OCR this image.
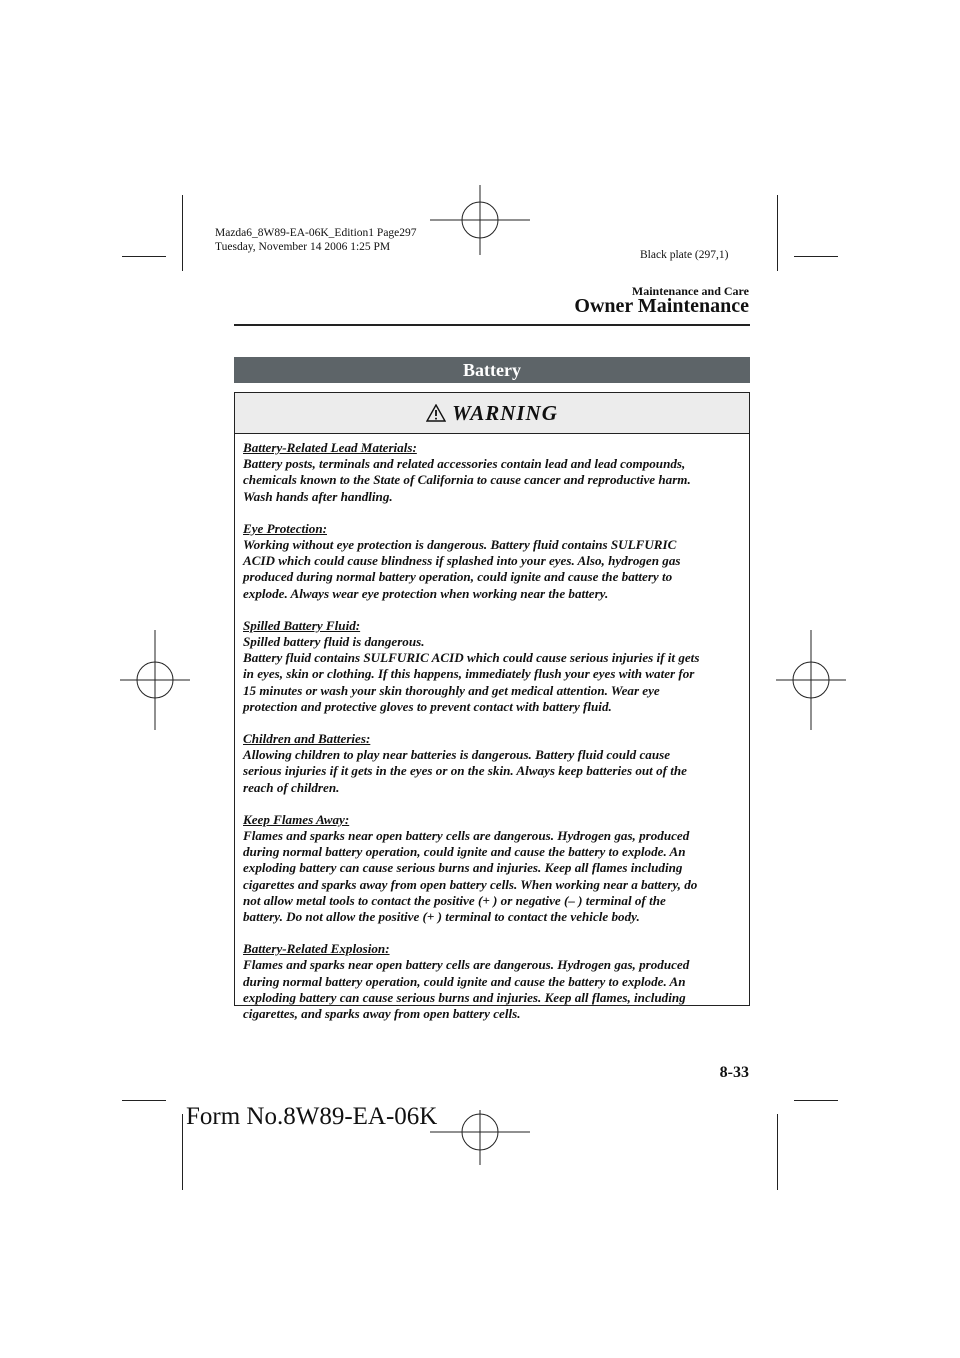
Mazda6_8W89-EA-06K_Edition1 Page297
Tuesday, November 14 2006 1:25 PM
Black plate (297,1)
Maintenance and Care
Owner Maintenance
Battery
WARNING
Battery-Related Lead Materials:
Battery posts, terminals and related accessories contain lead and lead compounds,
chemicals known to the State of California to cause cancer and reproductive harm.
Wash hands after handling.
Eye Protection:
Working without eye protection is dangerous. Battery fluid contains SULFURIC
ACID which could cause blindness if splashed into your eyes. Also, hydrogen gas
produced during normal battery operation, could ignite and cause the battery to
explode. Always wear eye protection when working near the battery.
Spilled Battery Fluid:
Spilled battery fluid is dangerous.
Battery fluid contains SULFURIC ACID which could cause serious injuries if it gets
in eyes, skin or clothing. If this happens, immediately flush your eyes with water for
15 minutes or wash your skin thoroughly and get medical attention. Wear eye
protection and protective gloves to prevent contact with battery fluid.
Children and Batteries:
Allowing children to play near batteries is dangerous. Battery fluid could cause
serious injuries if it gets in the eyes or on the skin. Always keep batteries out of the
reach of children.
Keep Flames Away:
Flames and sparks near open battery cells are dangerous. Hydrogen gas, produced
during normal battery operation, could ignite and cause the battery to explode. An
exploding battery can cause serious burns and injuries. Keep all flames including
cigarettes and sparks away from open battery cells. When working near a battery, do
not allow metal tools to contact the positive (+ ) or negative (– ) terminal of the
battery. Do not allow the positive (+ ) terminal to contact the vehicle body.
Battery-Related Explosion:
Flames and sparks near open battery cells are dangerous. Hydrogen gas, produced
during normal battery operation, could ignite and cause the battery to explode. An
exploding battery can cause serious burns and injuries. Keep all flames, including
cigarettes, and sparks away from open battery cells.
8-33
Form No.8W89-EA-06K
